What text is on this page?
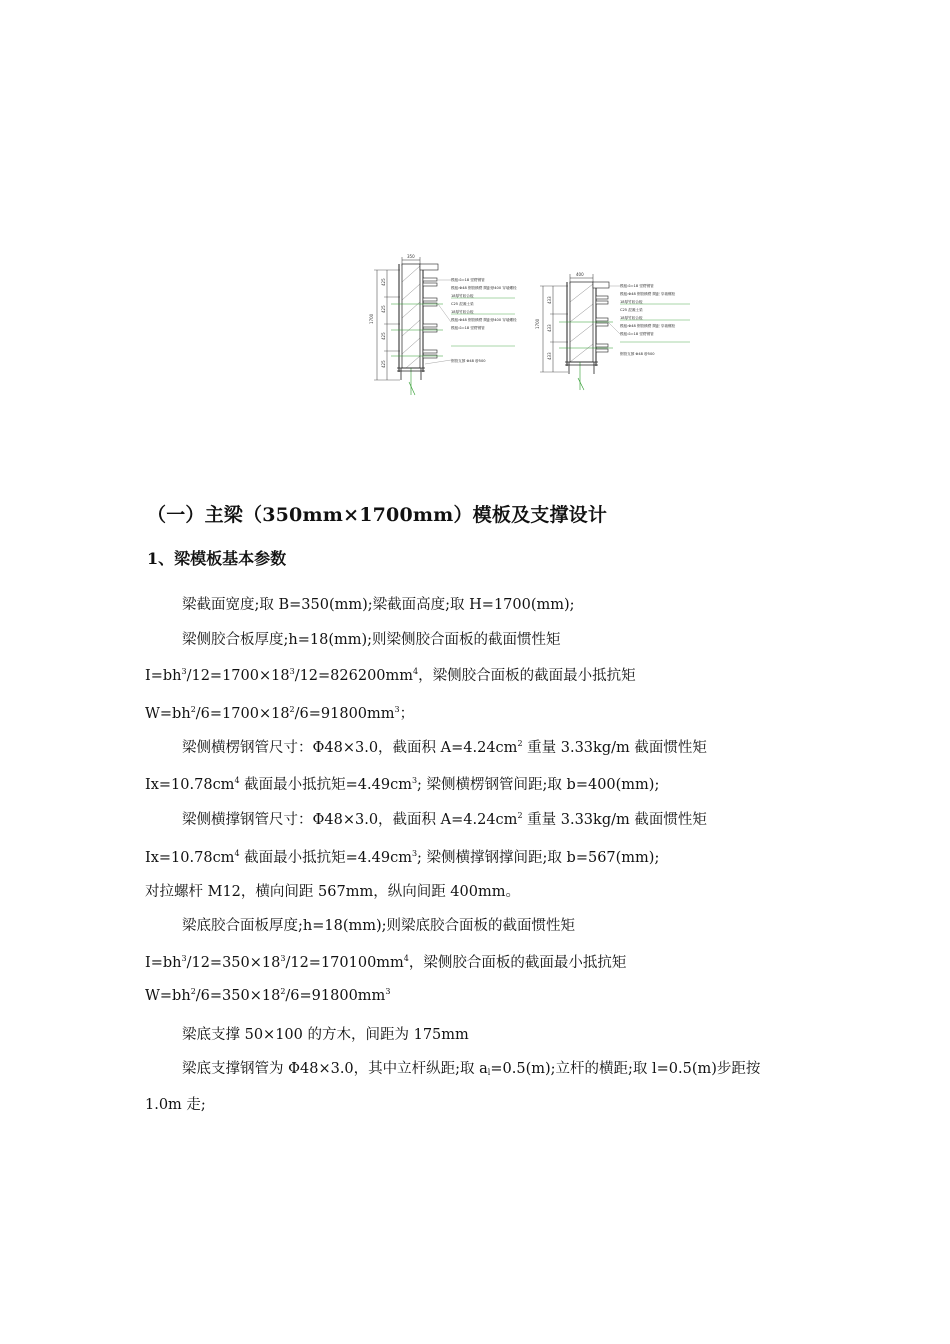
350
1700
425
425
425
425
模板:δ=18 竖楞钢管
模板:Φ48 钢管横楞 間距@400 穿墙螺栓
18厚竹胶合板
C25 混凝土梁
18厚竹胶合板
模板:Φ48 钢管横楞 間距@400 穿墙螺栓
模板:δ=18 竖楞钢管
钢管支撑 Φ48 @500
400
1700
433
433
433
模板:δ=18 竖楞钢管
模板:Φ48 钢管横楞 間距 穿墙螺栓
18厚竹胶合板
C25 混凝土梁
18厚竹胶合板
模板:Φ48 钢管横楞 間距 穿墙螺栓
模板:δ=18 竖楞钢管
钢管支撑 Φ48 @500
（一）主梁（350mm×1700mm）模板及支撑设计
1、梁模板基本参数

梁截面宽度;取 B=350(mm);梁截面高度;取 H=1700(mm);

梁侧胶合板厚度;h=18(mm);则梁侧胶合面板的截面惯性矩

$I=bh^3/12=1700\times 18^3/12=826200mm^4$，梁侧胶合面板的截面最小抵抗矩

$W=bh^2/6=1700\times 18^2/6=91800mm^3$；

梁侧横楞钢管尺寸：Φ48×3.0，截面积 $A=4.24cm^2$ 重量 3.33kg/m 截面惯性矩

$Ix=10.78cm^4$ 截面最小抵抗矩$=4.49cm^3$; 梁侧横楞钢管间距;取 b=400(mm);

梁侧横撑钢管尺寸：Φ48×3.0，截面积 $A=4.24cm^2$ 重量 3.33kg/m 截面惯性矩

$Ix=10.78cm^4$ 截面最小抵抗矩$=4.49cm^3$; 梁侧横撑钢撑间距;取 b=567(mm);

对拉螺杆 M12，横向间距 567mm，纵向间距 400mm。

梁底胶合面板厚度;h=18(mm);则梁底胶合面板的截面惯性矩

$I=bh^3/12=350\times 18^3/12=170100mm^4$，梁侧胶合面板的截面最小抵抗矩

$W=bh^2/6=350\times 18^2/6=91800mm^3$

梁底支撑 50×100 的方木，间距为 175mm

梁底支撑钢管为 Φ48×3.0，其中立杆纵距;取 $a_l=0.5(m)$;立杆的横距;取 l=0.5(m)步距按

1.0m 走;
